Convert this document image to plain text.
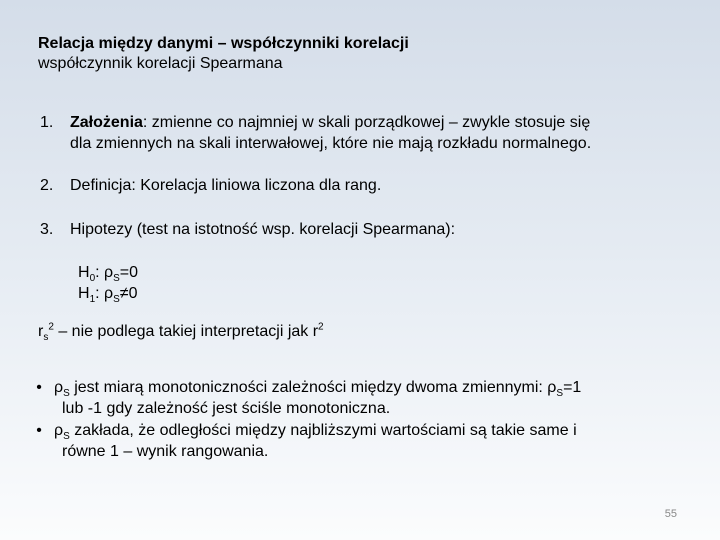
Relacja między danymi – współczynniki korelacji
współczynnik korelacji Spearmana
1. Założenia: zmienne co najmniej w skali porządkowej – zwykle stosuje się
dla zmiennych na skali interwałowej, które nie mają rozkładu normalnego.
2. Definicja: Korelacja liniowa liczona dla rang.
3. Hipotezy (test na istotność wsp. korelacji Spearmana):
$H_0$: $\rho_S=0$
$H_1$: $\rho_S\ne 0$
$r_s^2$ – nie podlega takiej interpretacji jak $r^2$
• $\rho_S$ jest miarą monotoniczności zależności między dwoma zmiennymi: $\rho_S=1$
lub -1 gdy zależność jest ściśle monotoniczna.
• $\rho_S$ zakłada, że odległości między najbliższymi wartościami są takie same i
równe 1 – wynik rangowania.
55
